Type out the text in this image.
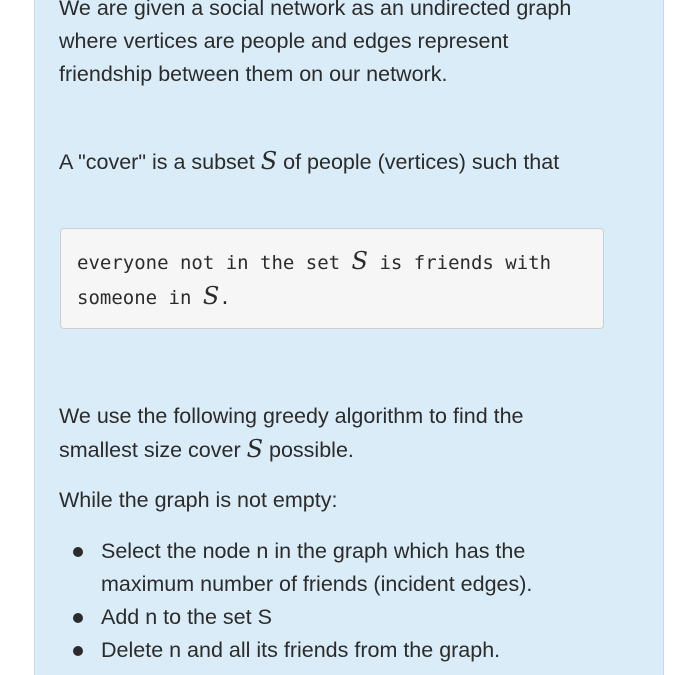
We are given a social network as an undirected graph where vertices are people and edges represent friendship between them on our network.

A "cover" is a subset S of people (vertices) such that

We use the following greedy algorithm to find the smallest size cover S possible.

While the graph is not empty:

everyone not in the set S is friends with someone in S.
Select the node n in the graph which has the maximum number of friends (incident edges).
Add n to the set S
Delete n and all its friends from the graph.
